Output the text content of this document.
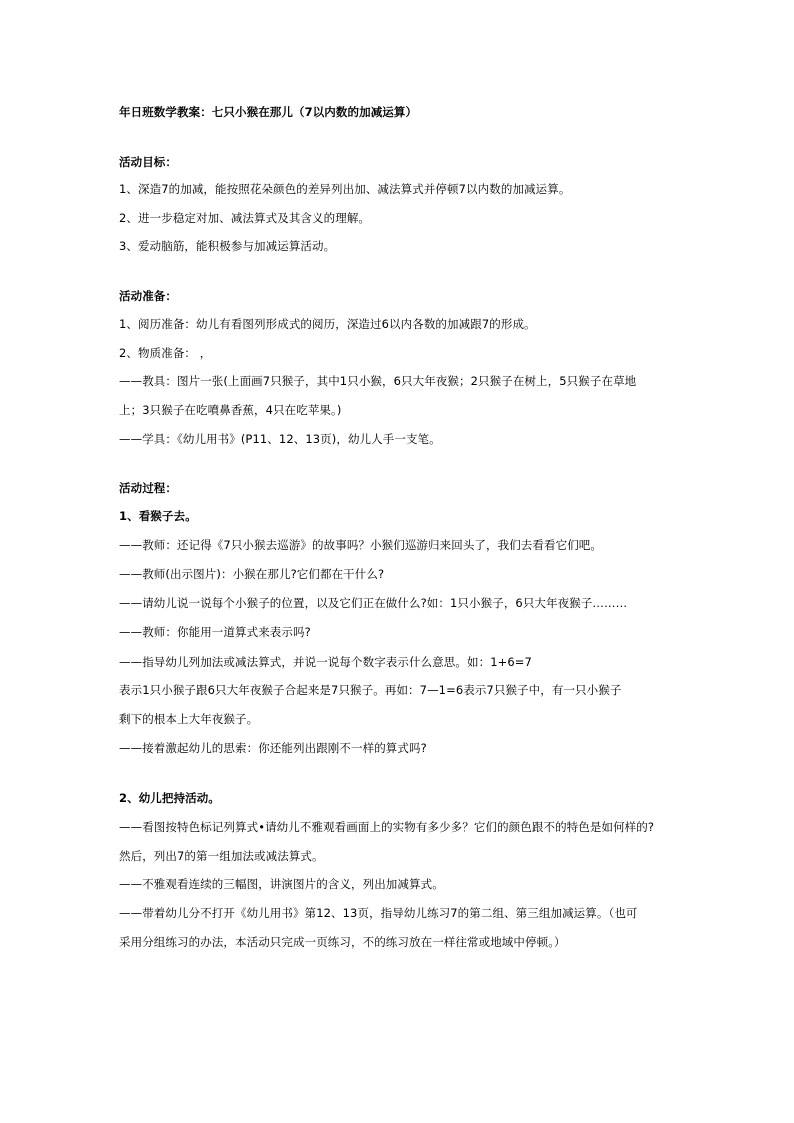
年日班数学教案：七只小猴在那儿（7以内数的加减运算）
活动目标：
1、深造7的加减，能按照花朵颜色的差异列出加、减法算式并停顿7以内数的加减运算。
2、进一步稳定对加、减法算式及其含义的理解。
3、爱动脑筋，能积极参与加减运算活动。
活动准备：
1、阅历准备：幼儿有看图列形成式的阅历，深造过6以内各数的加减跟7的形成。
2、物质准备： ，
——教具：图片一张(上面画7只猴子，其中1只小猴，6只大年夜猴；2只猴子在树上，5只猴子在草地
上；3只猴子在吃噴鼻香蕉，4只在吃苹果。)
——学具：《幼儿用书》(P11、12、13页)，幼儿人手一支笔。
活动过程：
1、看猴子去。
——教师：还记得《7只小猴去巡游》的故事吗？小猴们巡游归来回头了，我们去看看它们吧。
——教师(出示图片)：小猴在那儿?它们都在干什么?
——请幼儿说一说每个小猴子的位置，以及它们正在做什么?如：1只小猴子，6只大年夜猴子………
——教师：你能用一道算式来表示吗?
——指导幼儿列加法或减法算式，并说一说每个数字表示什么意思。如：1+6=7
表示1只小猴子跟6只大年夜猴子合起来是7只猴子。再如：7—1=6表示7只猴子中，有一只小猴子
剩下的根本上大年夜猴子。
——接着激起幼儿的思索：你还能列出跟刚不一样的算式吗?
2、幼儿把持活动。
——看图按特色标记列算式•请幼儿不雅观看画面上的实物有多少多？它们的颜色跟不的特色是如何样的?
然后，列出7的第一组加法或减法算式。
——不雅观看连续的三幅图，讲演图片的含义，列出加减算式。
——带着幼儿分不打开《幼儿用书》第12、13页，指导幼儿练习7的第二组、第三组加减运算。（也可
采用分组练习的办法，本活动只完成一页练习，不的练习放在一样往常或地域中停顿。）
